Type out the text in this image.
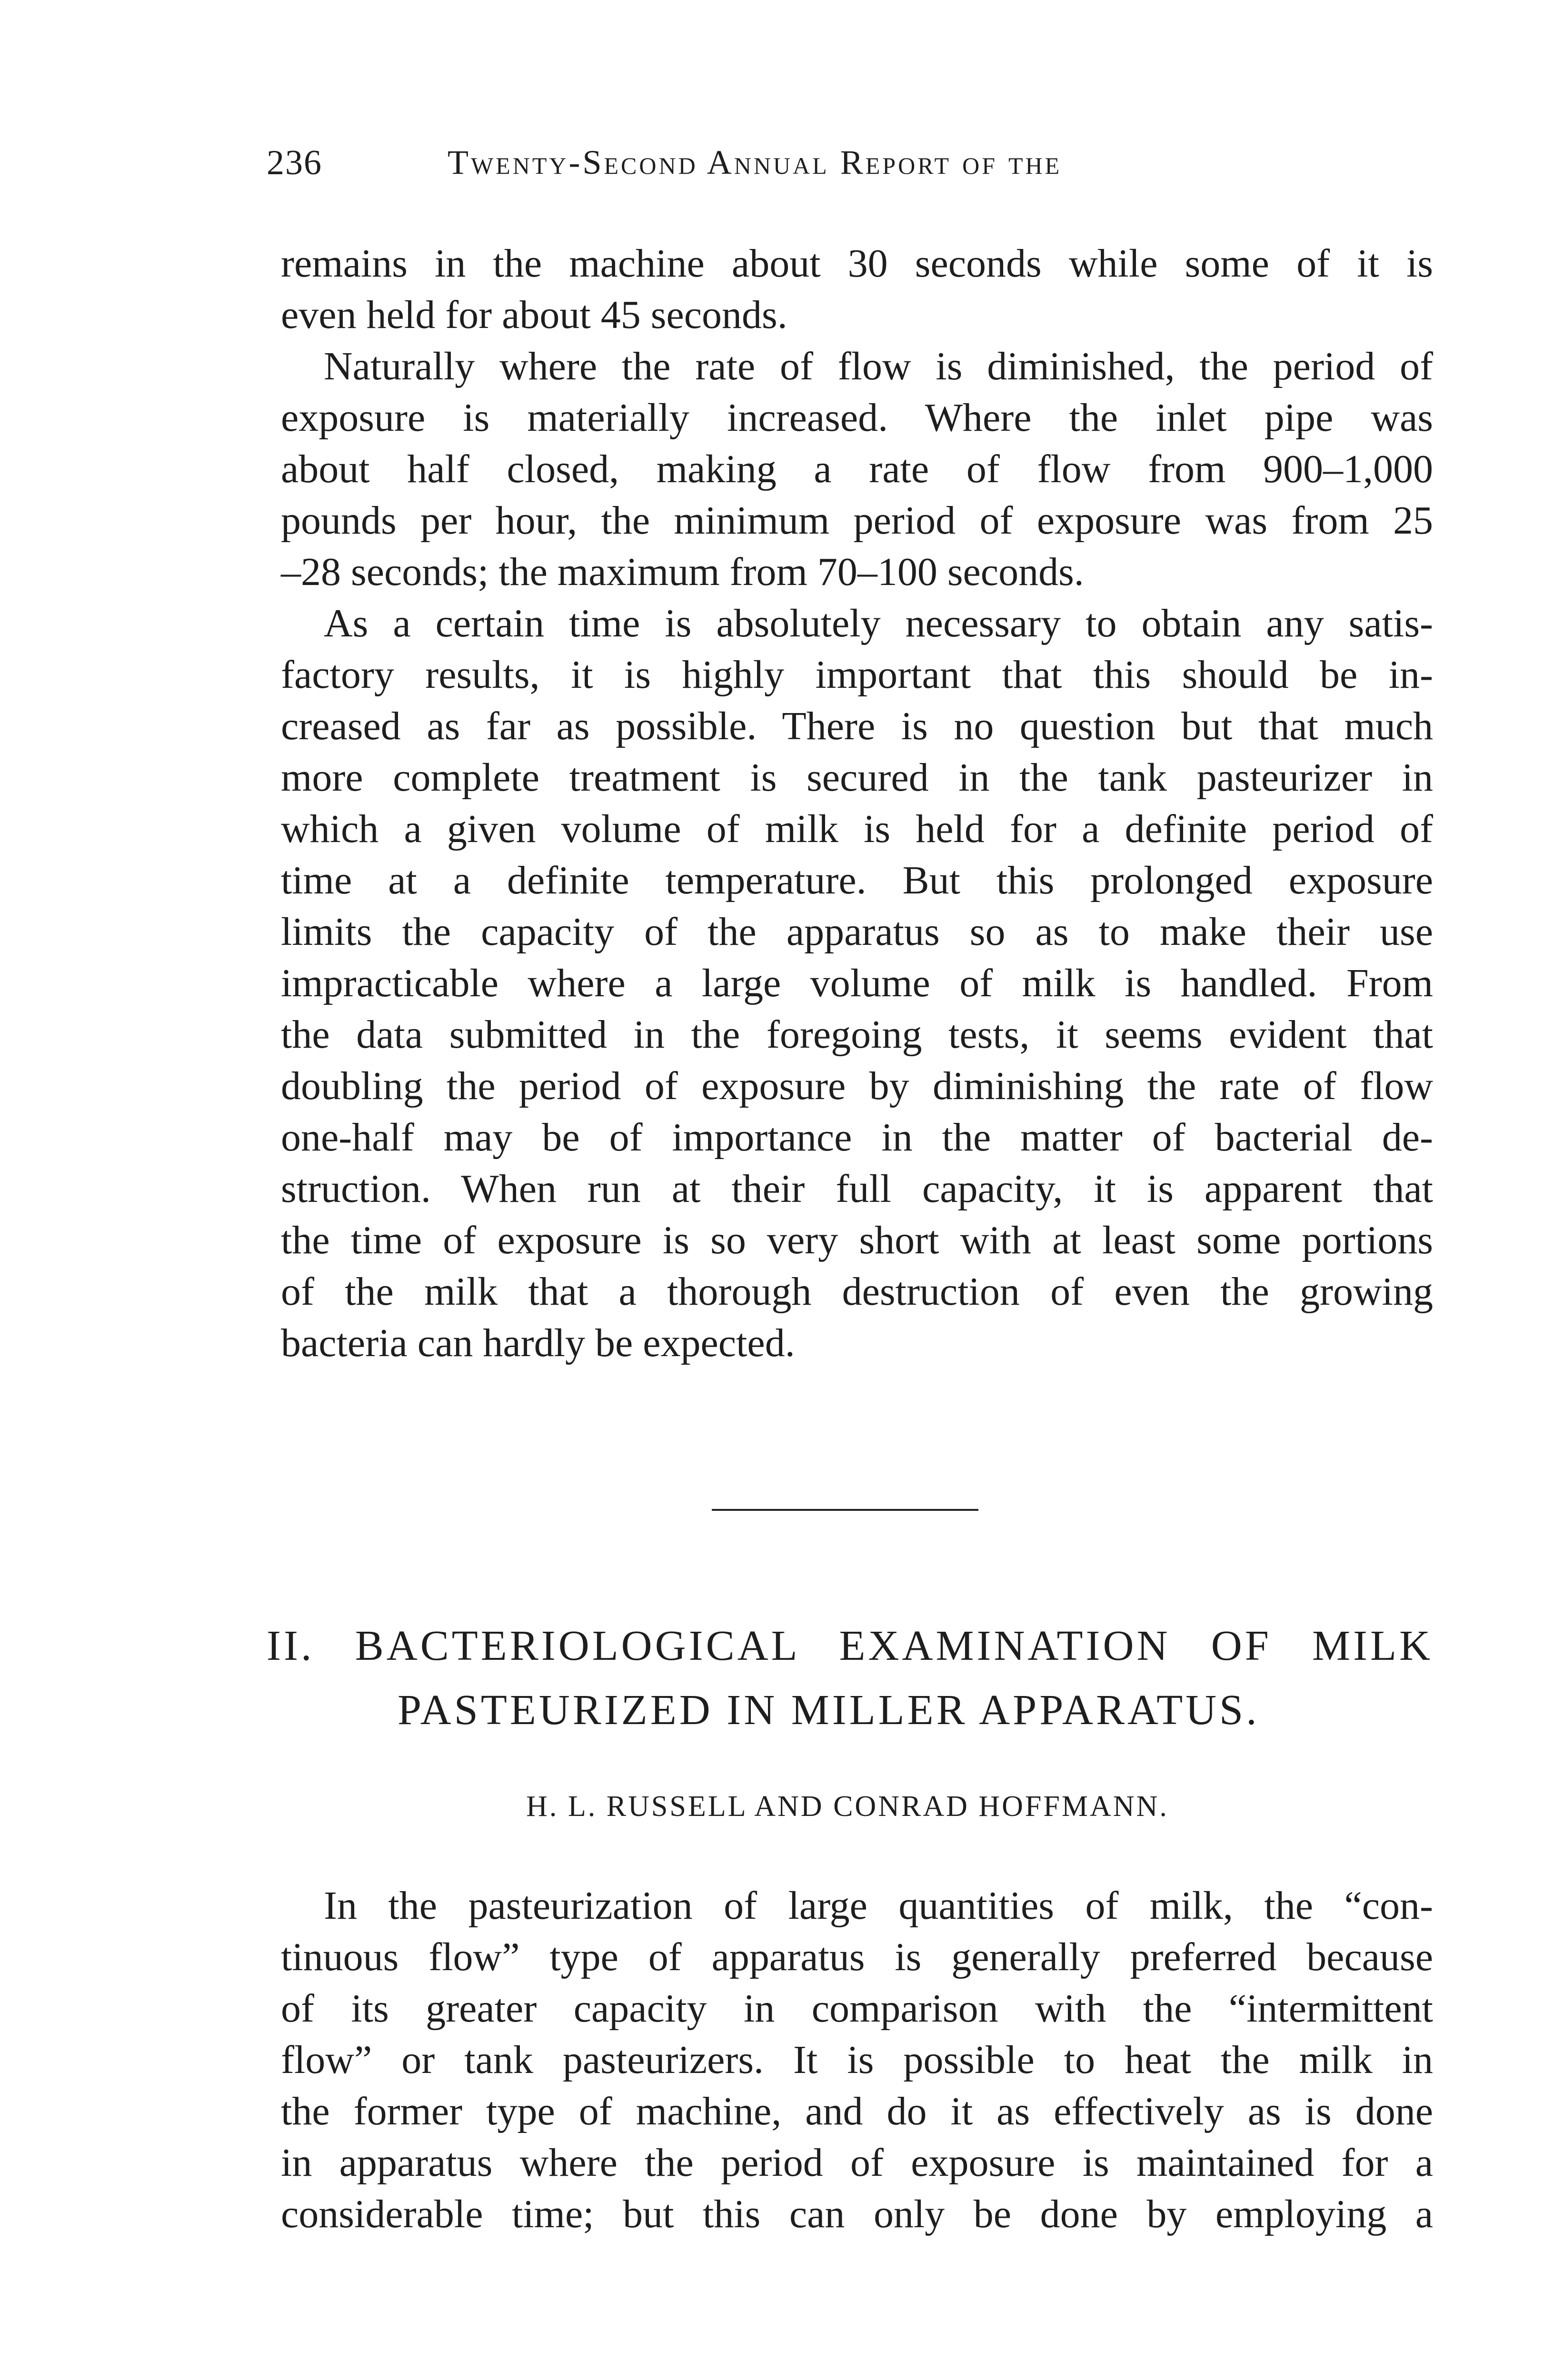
236	Twenty-Second Annual Report of the
remains in the machine about 30 seconds while some of it is
even held for about 45 seconds.
Naturally where the rate of flow is diminished, the period of
exposure is materially increased. Where the inlet pipe was
about half closed, making a rate of flow from 900–1,000
pounds per hour, the minimum period of exposure was from 25
–28 seconds; the maximum from 70–100 seconds.
As a certain time is absolutely necessary to obtain any satis-
factory results, it is highly important that this should be in-
creased as far as possible. There is no question but that much
more complete treatment is secured in the tank pasteurizer in
which a given volume of milk is held for a definite period of
time at a definite temperature. But this prolonged exposure
limits the capacity of the apparatus so as to make their use
impracticable where a large volume of milk is handled. From
the data submitted in the foregoing tests, it seems evident that
doubling the period of exposure by diminishing the rate of flow
one-half may be of importance in the matter of bacterial de-
struction. When run at their full capacity, it is apparent that
the time of exposure is so very short with at least some portions
of the milk that a thorough destruction of even the growing
bacteria can hardly be expected.
II. BACTERIOLOGICAL EXAMINATION OF MILK
PASTEURIZED IN MILLER APPARATUS.
H. L. RUSSELL AND CONRAD HOFFMANN.
In the pasteurization of large quantities of milk, the “con-
tinuous flow” type of apparatus is generally preferred because
of its greater capacity in comparison with the “intermittent
flow” or tank pasteurizers. It is possible to heat the milk in
the former type of machine, and do it as effectively as is done
in apparatus where the period of exposure is maintained for a
considerable time; but this can only be done by employing a
